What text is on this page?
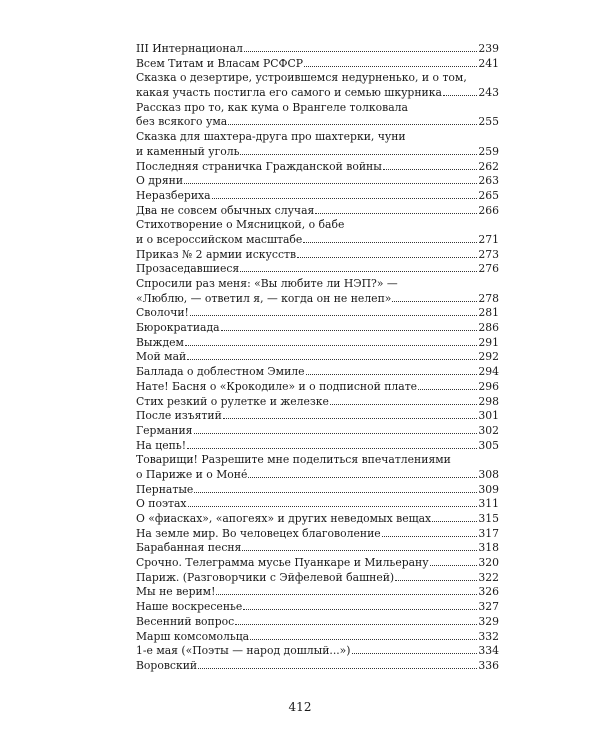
III Интернационал	239
Всем Титам и Власам РСФСР	241
Сказка о дезертире, устроившемся недурненько, и о том,
какая участь постигла его самого и семью шкурника	243
Рассказ про то, как кума о Врангеле толковала
без всякого ума	255
Сказка для шахтера-друга про шахтерки, чуни
и каменный уголь	259
Последняя страничка Гражданской войны	262
О дряни	263
Неразбериха	265
Два не совсем обычных случая	266
Стихотворение о Мясницкой, о бабе
и о всероссийском масштабе	271
Приказ № 2 армии искусств	273
Прозаседавшиеся	276
Спросили раз меня: «Вы любите ли НЭП?» —
«Люблю, — ответил я, — когда он не нелеп»	278
Сволочи!	281
Бюрократиада	286
Выждем	291
Мой май	292
Баллада о доблестном Эмиле	294
Нате! Басня о «Крокодиле» и о подписной плате	296
Стих резкий о рулетке и железке	298
После изъятий	301
Германия	302
На цепь!	305
Товарищи! Разрешите мне поделиться впечатлениями
о Париже и о Моне́	308
Пернатые	309
О поэтах	311
О «фиасках», «апогеях» и других неведомых вещах	315
На земле мир. Во человецех благоволение	317
Барабанная песня	318
Срочно. Телеграмма мусье Пуанкаре и Мильерану	320
Париж. (Разговорчики с Эйфелевой башней)	322
Мы не верим!	326
Наше воскресенье	327
Весенний вопрос	329
Марш комсомольца	332
1-е мая («Поэты — народ дошлый...»)	334
Воровский	336
412
